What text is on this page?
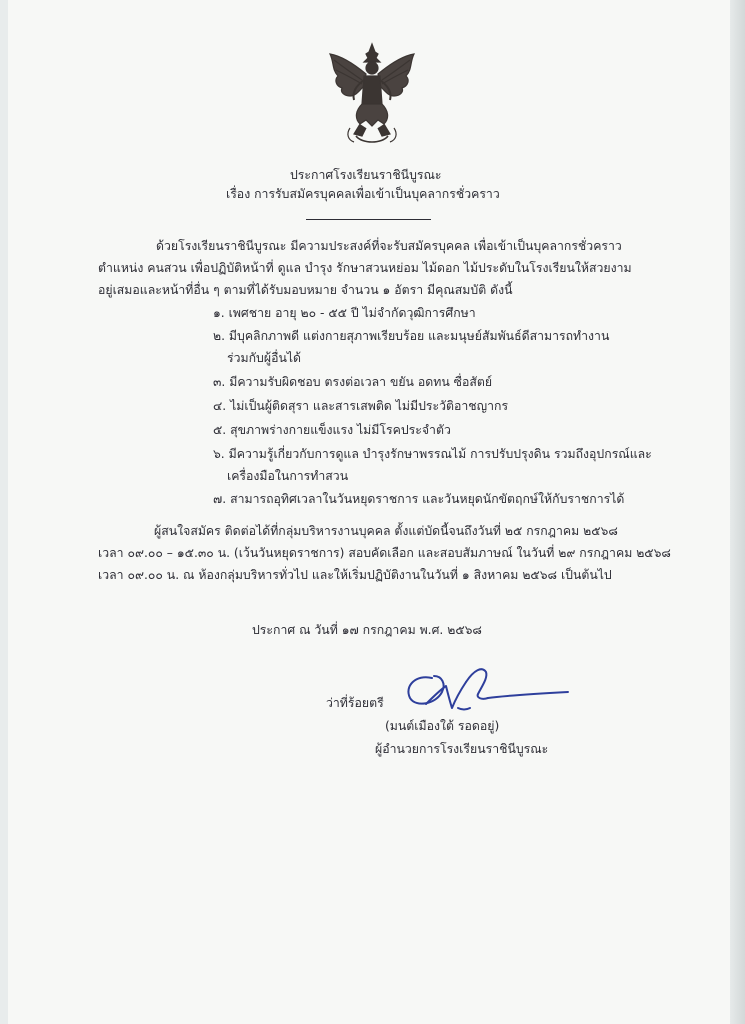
ประกาศโรงเรียนราชินีบูรณะ
เรื่อง การรับสมัครบุคคลเพื่อเข้าเป็นบุคลากรชั่วคราว
ด้วยโรงเรียนราชินีบูรณะ มีความประสงค์ที่จะรับสมัครบุคคล เพื่อเข้าเป็นบุคลากรชั่วคราว
ตำแหน่ง คนสวน เพื่อปฏิบัติหน้าที่ ดูแล บำรุง รักษาสวนหย่อม ไม้ดอก ไม้ประดับในโรงเรียนให้สวยงาม
อยู่เสมอและหน้าที่อื่น ๆ ตามที่ได้รับมอบหมาย จำนวน ๑ อัตรา มีคุณสมบัติ ดังนี้
๑. เพศชาย อายุ ๒๐ - ๕๕ ปี ไม่จำกัดวุฒิการศึกษา
๒. มีบุคลิกภาพดี แต่งกายสุภาพเรียบร้อย และมนุษย์สัมพันธ์ดีสามารถทำงาน
ร่วมกับผู้อื่นได้
๓. มีความรับผิดชอบ ตรงต่อเวลา ขยัน อดทน ซื่อสัตย์
๔. ไม่เป็นผู้ติดสุรา และสารเสพติด ไม่มีประวัติอาชญากร
๕. สุขภาพร่างกายแข็งแรง ไม่มีโรคประจำตัว
๖. มีความรู้เกี่ยวกับการดูแล บำรุงรักษาพรรณไม้ การปรับปรุงดิน รวมถึงอุปกรณ์และ
เครื่องมือในการทำสวน
๗. สามารถอุทิศเวลาในวันหยุดราชการ และวันหยุดนักขัตฤกษ์ให้กับราชการได้
ผู้สนใจสมัคร ติดต่อได้ที่กลุ่มบริหารงานบุคคล ตั้งแต่บัดนี้จนถึงวันที่ ๒๕ กรกฎาคม ๒๕๖๘
เวลา ๐๙.๐๐ – ๑๕.๓๐ น. (เว้นวันหยุดราชการ) สอบคัดเลือก และสอบสัมภาษณ์ ในวันที่ ๒๙ กรกฎาคม ๒๕๖๘
เวลา ๐๙.๐๐ น. ณ ห้องกลุ่มบริหารทั่วไป และให้เริ่มปฏิบัติงานในวันที่ ๑ สิงหาคม ๒๕๖๘ เป็นต้นไป
ประกาศ ณ วันที่ ๑๗ กรกฎาคม พ.ศ. ๒๕๖๘
ว่าที่ร้อยตรี
(มนต์เมืองใต้ รอดอยู่)
ผู้อำนวยการโรงเรียนราชินีบูรณะ
